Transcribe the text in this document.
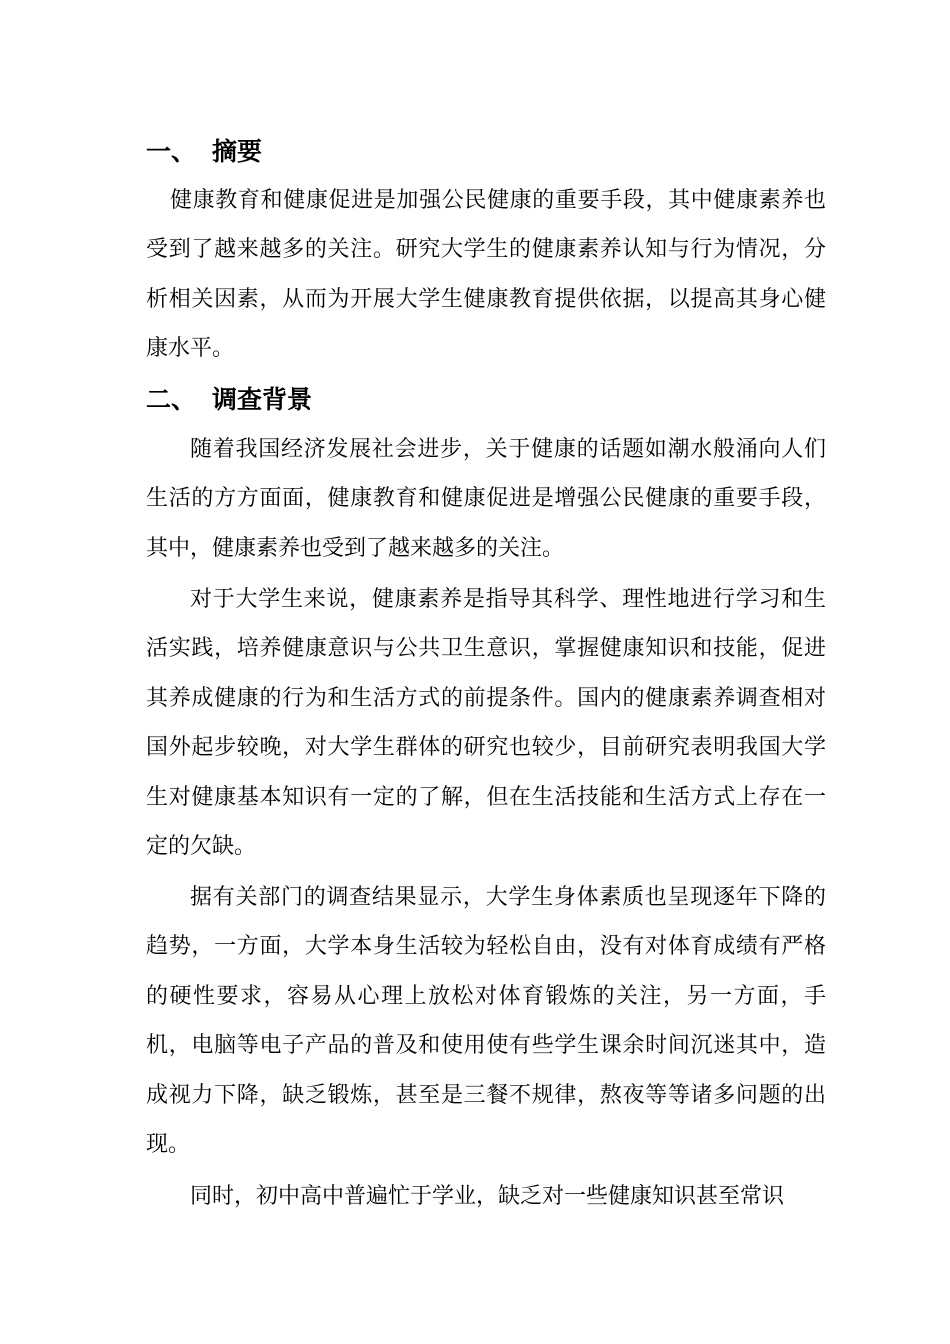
一、 摘要

健康教育和健康促进是加强公民健康的重要手段，其中健康素养也受到了越来越多的关注。研究大学生的健康素养认知与行为情况，分析相关因素，从而为开展大学生健康教育提供依据，以提高其身心健康水平。

二、 调查背景

随着我国经济发展社会进步，关于健康的话题如潮水般涌向人们生活的方方面面，健康教育和健康促进是增强公民健康的重要手段，其中，健康素养也受到了越来越多的关注。

对于大学生来说，健康素养是指导其科学、理性地进行学习和生活实践，培养健康意识与公共卫生意识，掌握健康知识和技能，促进其养成健康的行为和生活方式的前提条件。国内的健康素养调查相对国外起步较晚，对大学生群体的研究也较少，目前研究表明我国大学生对健康基本知识有一定的了解，但在生活技能和生活方式上存在一定的欠缺。

据有关部门的调查结果显示，大学生身体素质也呈现逐年下降的趋势，一方面，大学本身生活较为轻松自由，没有对体育成绩有严格的硬性要求，容易从心理上放松对体育锻炼的关注，另一方面，手机，电脑等电子产品的普及和使用使有些学生课余时间沉迷其中，造成视力下降，缺乏锻炼，甚至是三餐不规律，熬夜等等诸多问题的出现。

同时，初中高中普遍忙于学业，缺乏对一些健康知识甚至常识
